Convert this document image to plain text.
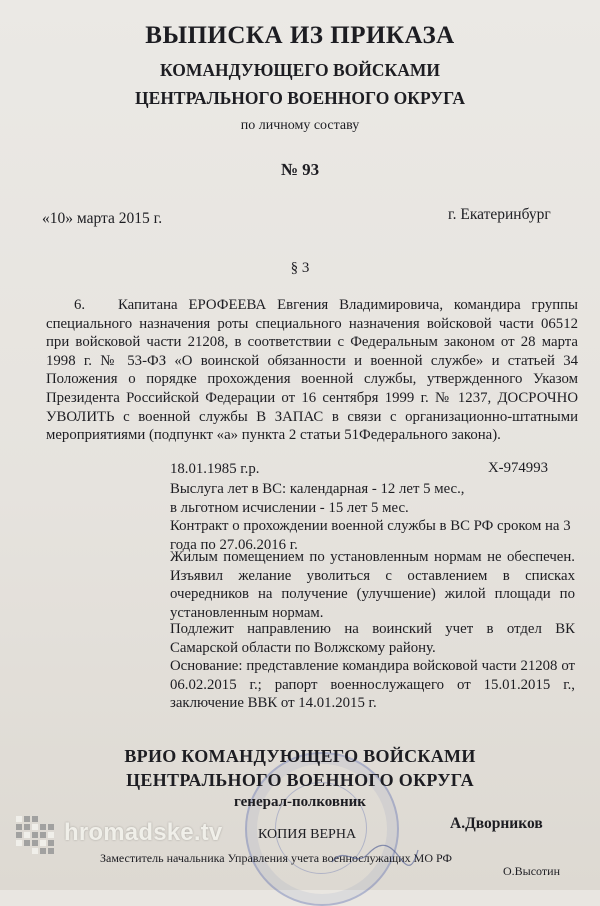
ВЫПИСКА ИЗ ПРИКАЗА
КОМАНДУЮЩЕГО ВОЙСКАМИ
ЦЕНТРАЛЬНОГО ВОЕННОГО ОКРУГА
по личному составу
№ 93
«10» марта 2015 г.	г. Екатеринбург
§ 3
6. Капитана ЕРОФЕЕВА Евгения Владимировича, командира группы специального назначения роты специального назначения войсковой части 06512 при войсковой части 21208, в соответствии с Федеральным законом от 28 марта 1998 г. № 53-ФЗ «О воинской обязанности и военной службе» и статьей 34 Положения о порядке прохождения военной службы, утвержденного Указом Президента Российской Федерации от 16 сентября 1999 г. № 1237, ДОСРОЧНО УВОЛИТЬ с военной службы В ЗАПАС в связи с организационно-штатными мероприятиями (подпункт «а» пункта 2 статьи 51Федерального закона).
18.01.1985 г.р.	Х-974993
Выслуга лет в ВС: календарная - 12 лет 5 мес.,
в льготном исчислении - 15 лет 5 мес.
Контракт о прохождении военной службы в ВС РФ сроком на 3 года по 27.06.2016 г.
Жилым помещением по установленным нормам не обеспечен. Изъявил желание уволиться с оставлением в списках очередников на получение (улучшение) жилой площади по установленным нормам.
Подлежит направлению на воинский учет в отдел ВК Самарской области по Волжскому району.
Основание: представление командира войсковой части 21208 от 06.02.2015 г.; рапорт военнослужащего от 15.01.2015 г., заключение ВВК от 14.01.2015 г.
ВРИО КОМАНДУЮЩЕГО ВОЙСКАМИ
ЦЕНТРАЛЬНОГО ВОЕННОГО ОКРУГА
генерал-полковник
А.Дворников
КОПИЯ ВЕРНА
Заместитель начальника Управления учета военнослужащих МО РФ
О.Высотин
hromadske.tv
